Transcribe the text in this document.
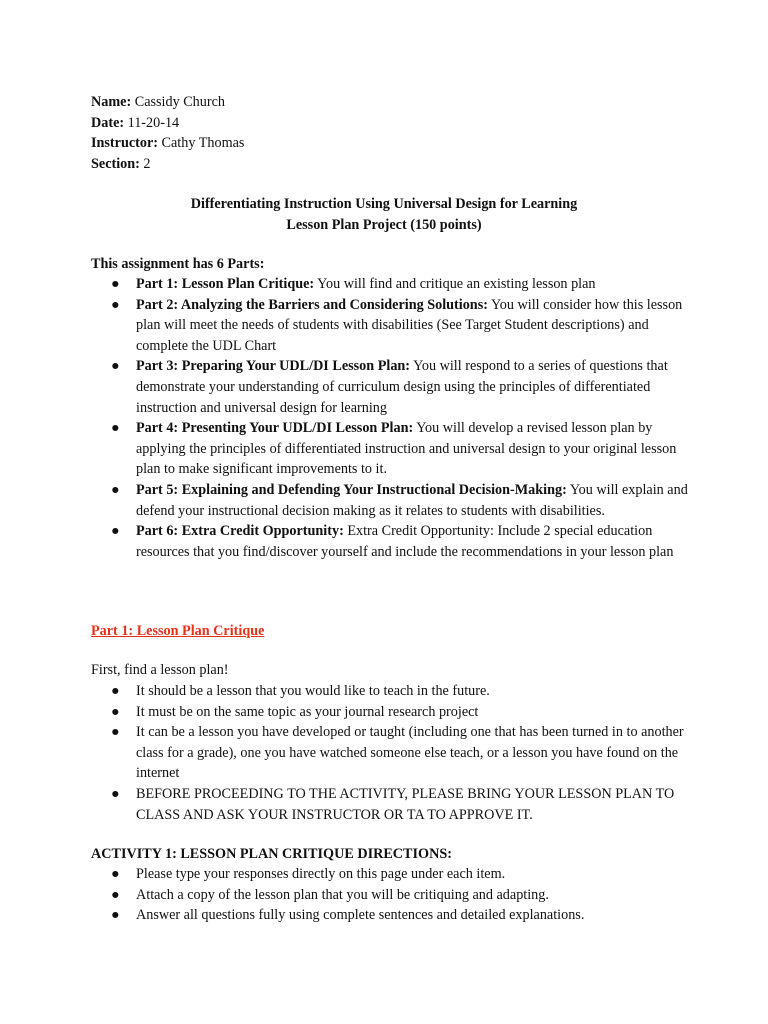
Name: Cassidy Church
Date: 11-20-14
Instructor: Cathy Thomas
Section: 2
Differentiating Instruction Using Universal Design for Learning
Lesson Plan Project (150 points)
This assignment has 6 Parts:
● Part 1: Lesson Plan Critique: You will find and critique an existing lesson plan
● Part 2: Analyzing the Barriers and Considering Solutions: You will consider how this lesson plan will meet the needs of students with disabilities (See Target Student descriptions) and complete the UDL Chart
● Part 3: Preparing Your UDL/DI Lesson Plan: You will respond to a series of questions that demonstrate your understanding of curriculum design using the principles of differentiated instruction and universal design for learning
● Part 4: Presenting Your UDL/DI Lesson Plan: You will develop a revised lesson plan by applying the principles of differentiated instruction and universal design to your original lesson plan to make significant improvements to it.
● Part 5: Explaining and Defending Your Instructional Decision-Making: You will explain and defend your instructional decision making as it relates to students with disabilities.
● Part 6: Extra Credit Opportunity: Extra Credit Opportunity: Include 2 special education resources that you find/discover yourself and include the recommendations in your lesson plan
Part 1: Lesson Plan Critique
First, find a lesson plan!
● It should be a lesson that you would like to teach in the future.
● It must be on the same topic as your journal research project
● It can be a lesson you have developed or taught (including one that has been turned in to another class for a grade), one you have watched someone else teach, or a lesson you have found on the internet
● BEFORE PROCEEDING TO THE ACTIVITY, PLEASE BRING YOUR LESSON PLAN TO CLASS AND ASK YOUR INSTRUCTOR OR TA TO APPROVE IT.
ACTIVITY 1: LESSON PLAN CRITIQUE DIRECTIONS:
● Please type your responses directly on this page under each item.
● Attach a copy of the lesson plan that you will be critiquing and adapting.
● Answer all questions fully using complete sentences and detailed explanations.
